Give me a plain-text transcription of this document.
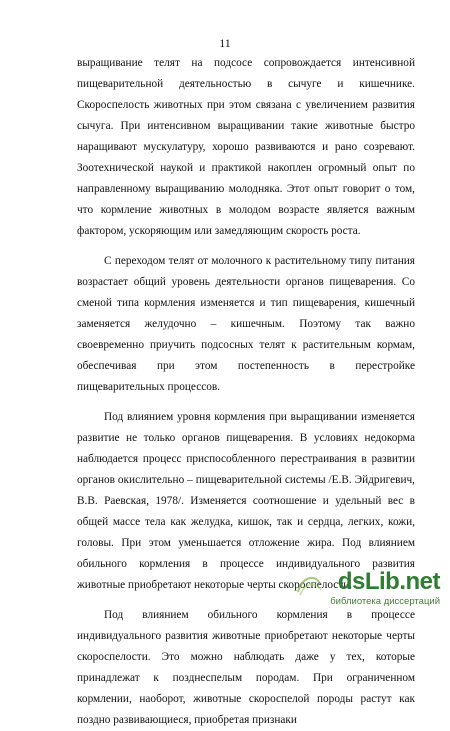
11

выращивание телят на подсосе сопровождается интенсивной пищеварительной деятельностью в сычуге и кишечнике. Скороспелость животных при этом связана с увеличением развития сычуга. При интенсивном выращивании такие животные быстро наращивают мускулатуру, хорошо развиваются и рано созревают. Зоотехнической наукой и практикой накоплен огромный опыт по направленному выращиванию молодняка. Этот опыт говорит о том, что кормление животных в молодом возрасте является важным фактором, ускоряющим или замедляющим скорость роста.

С переходом телят от молочного к растительному типу питания возрастает общий уровень деятельности органов пищеварения. Со сменой типа кормления изменяется и тип пищеварения, кишечный заменяется желудочно – кишечным. Поэтому так важно своевременно приучить подсосных телят к растительным кормам, обеспечивая при этом постепенность в перестройке пищеварительных процессов.

Под влиянием уровня кормления при выращивании изменяется развитие не только органов пищеварения. В условиях недокорма наблюдается процесс приспособленного перестраивания в развитии органов окислительно – пищеварительной системы /Е.В. Эйдригевич, В.В. Раевская, 1978/. Изменяется соотношение и удельный вес в общей массе тела как желудка, кишок, так и сердца, легких, кожи, головы. При этом уменьшается отложение жира. Под влиянием обильного кормления в процессе индивидуального развития животные приобретают некоторые черты скороспелости.

Под влиянием обильного кормления в процессе индивидуального развития животные приобретают некоторые черты скороспелости. Это можно наблюдать даже у тех, которые принадлежат к позднеспелым породам. При ограниченном кормлении, наоборот, животные скороспелой породы растут как поздно развивающиеся, приобретая признаки

dsLib.net
библиотека диссертаций
